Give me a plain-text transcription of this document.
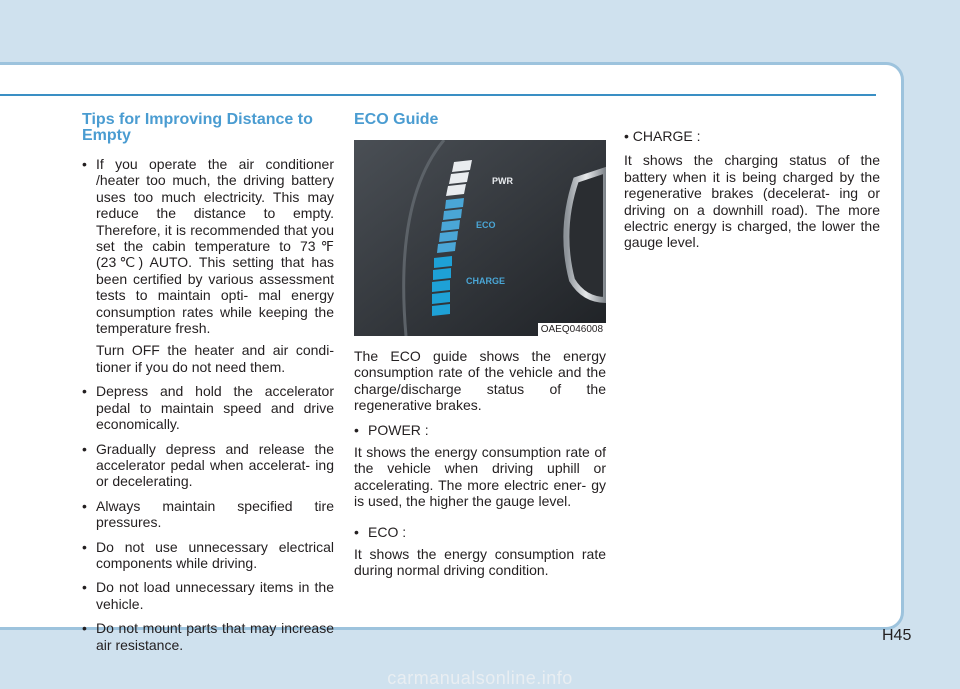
Tips for Improving Distance to Empty
• If you operate the air conditioner /heater too much, the driving battery uses too much electricity. This may reduce the distance to empty. Therefore, it is recommended that you set the cabin temperature to 73℉ (23℃) AUTO. This setting that has been certified by various assessment tests to maintain opti- mal energy consumption rates while keeping the temperature fresh.

Turn OFF the heater and air condi- tioner if you do not need them.

• Depress and hold the accelerator pedal to maintain speed and drive economically.
• Gradually depress and release the accelerator pedal when accelerat- ing or decelerating.
• Always maintain specified tire pressures.
• Do not use unnecessary electrical components while driving.
• Do not load unnecessary items in the vehicle.
• Do not mount parts that may increase air resistance.
ECO Guide
PWR
ECO
CHARGE
OAEQ046008

The ECO guide shows the energy consumption rate of the vehicle and the charge/discharge status of the regenerative brakes.

• POWER :

It shows the energy consumption rate of the vehicle when driving uphill or accelerating. The more electric ener- gy is used, the higher the gauge level.

• ECO :

It shows the energy consumption rate during normal driving condition.

• CHARGE :

It shows the charging status of the battery when it is being charged by the regenerative brakes (decelerat- ing or driving on a downhill road). The more electric energy is charged, the lower the gauge level.

H45
carmanualsonline.info
